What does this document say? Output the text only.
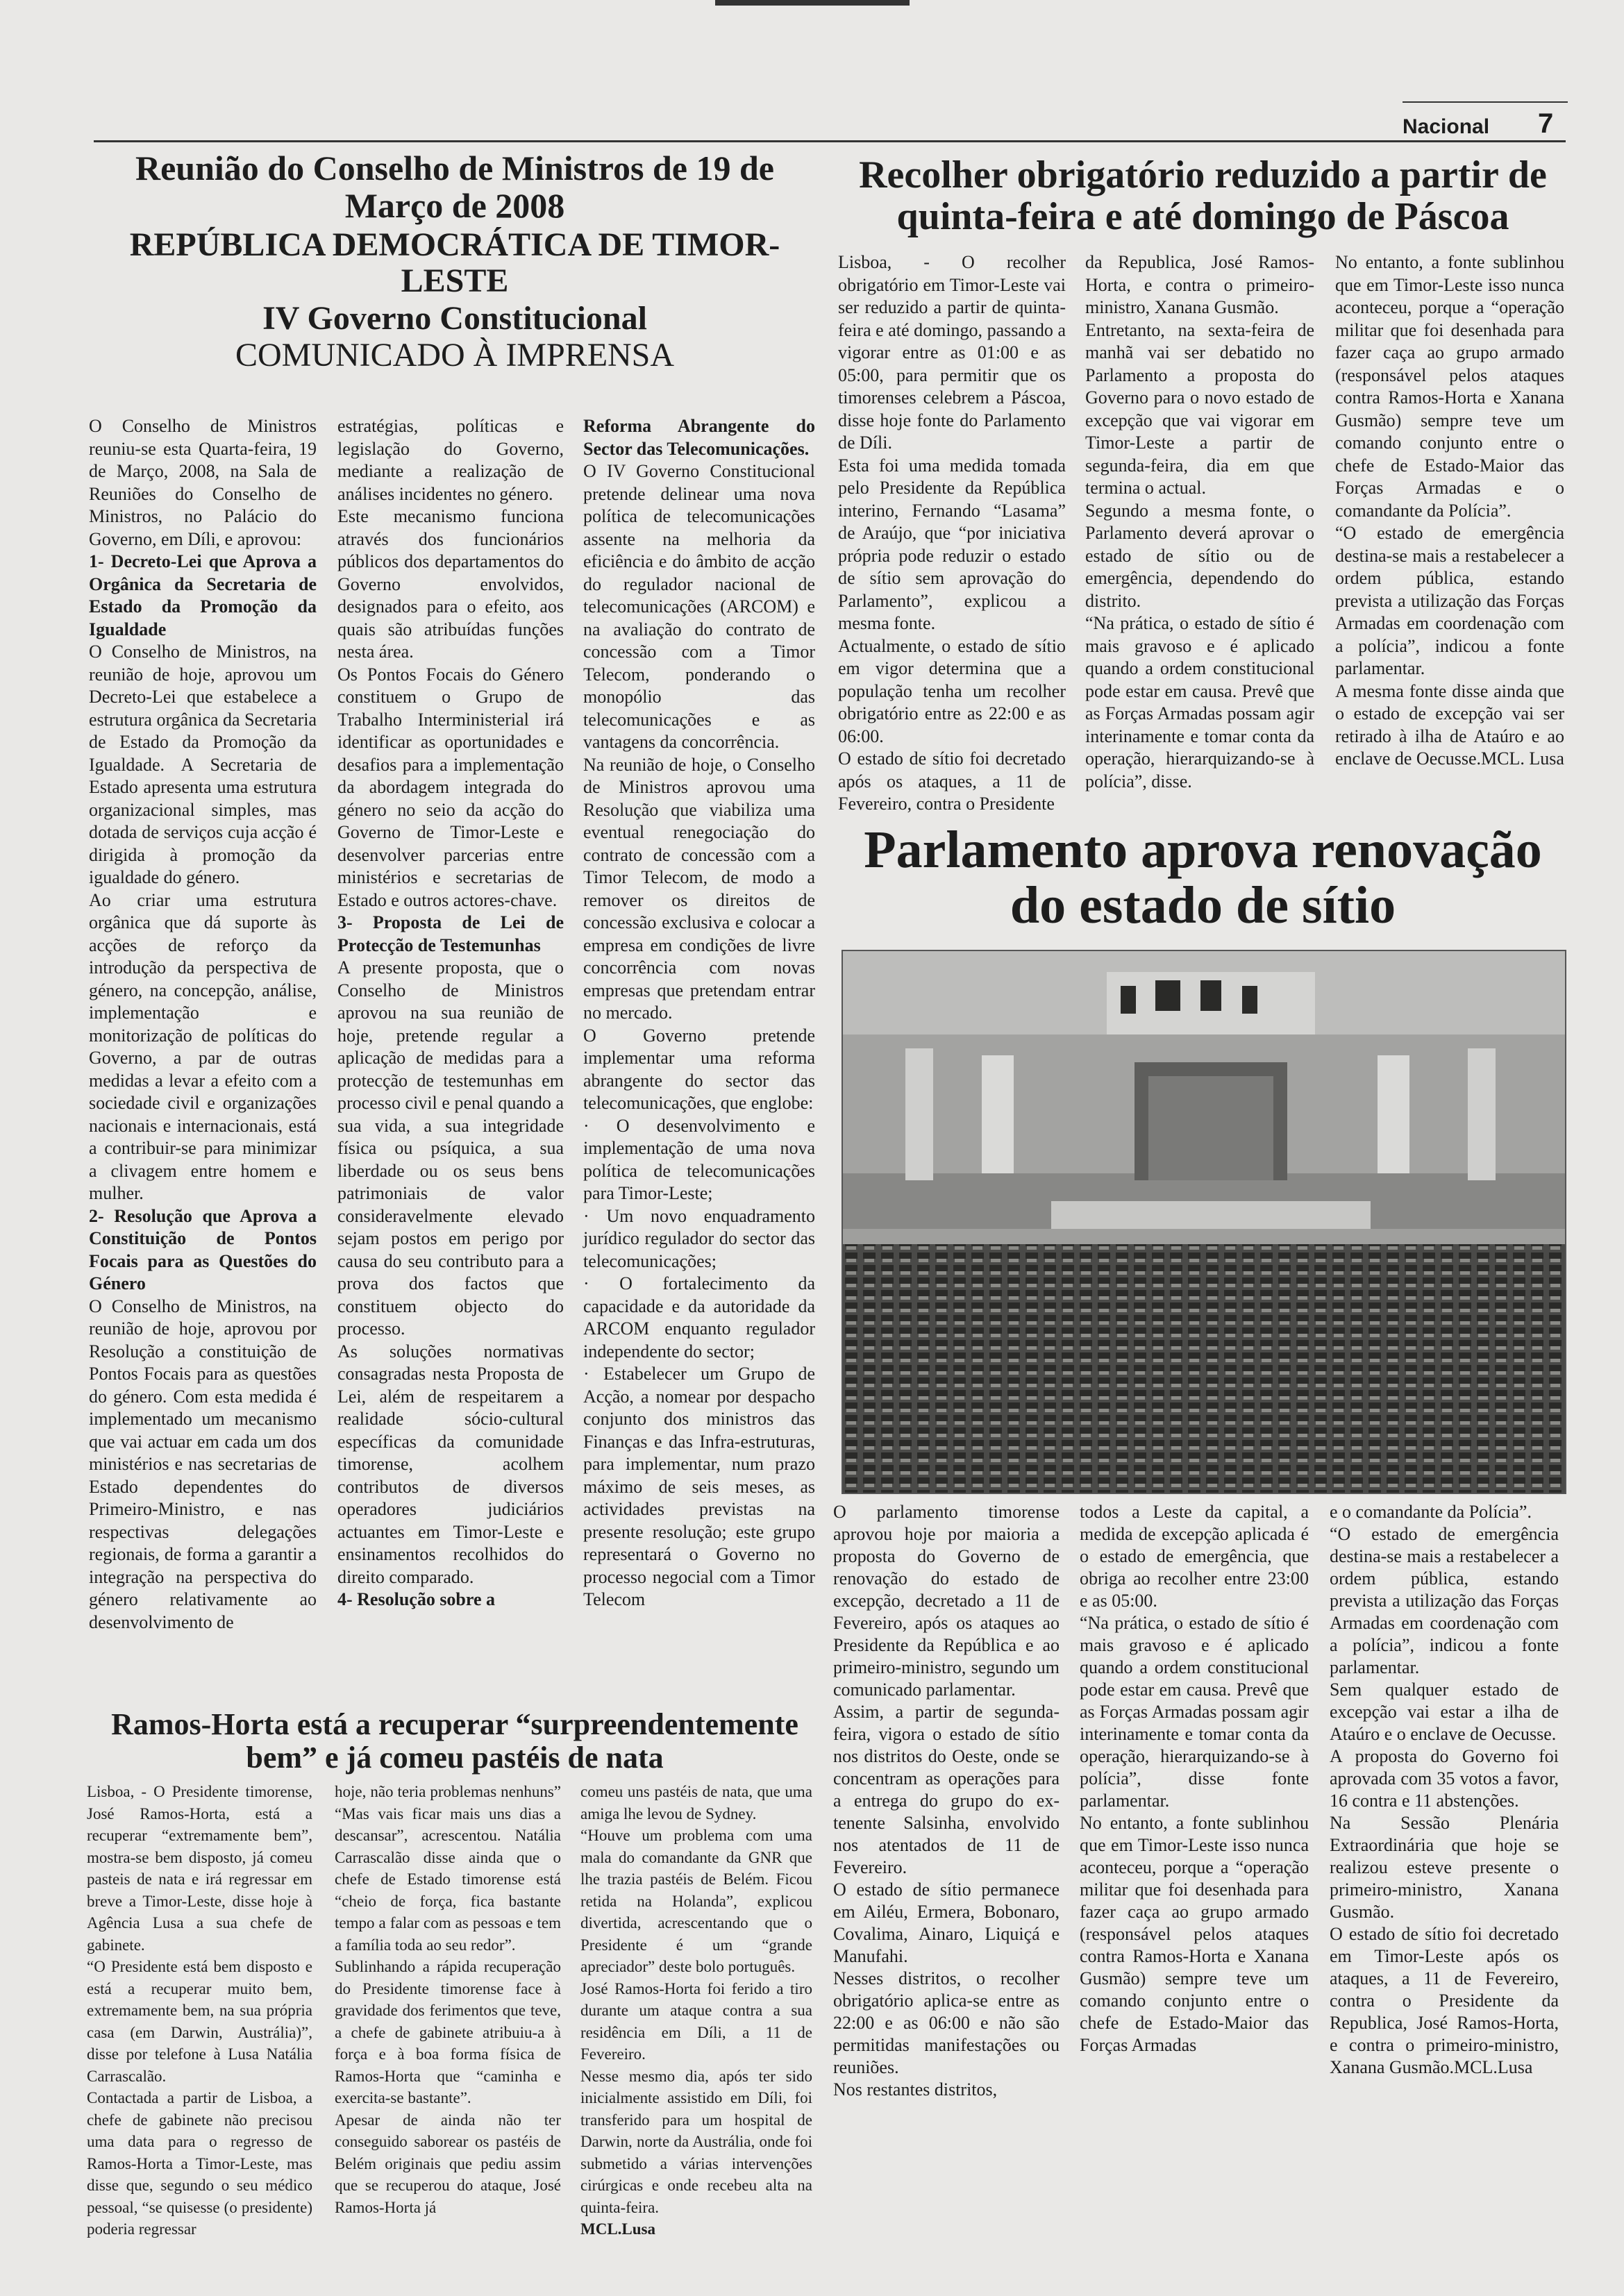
Nacional 7
Reunião do Conselho de Ministros de 19 de Março de 2008
REPÚBLICA DEMOCRÁTICA DE TIMOR-LESTE
IV Governo Constitucional
COMUNICADO À IMPRENSA

O Conselho de Ministros reuniu-se esta Quarta-feira, 19 de Março, 2008, na Sala de Reuniões do Conselho de Ministros, no Palácio do Governo, em Díli, e aprovou:

1- Decreto-Lei que Aprova a Orgânica da Secretaria de Estado da Promoção da Igualdade

O Conselho de Ministros, na reunião de hoje, aprovou um Decreto-Lei que estabelece a estrutura orgânica da Secretaria de Estado da Promoção da Igualdade. A Secretaria de Estado apresenta uma estrutura organizacional simples, mas dotada de serviços cuja acção é dirigida à promoção da igualdade do género.

Ao criar uma estrutura orgânica que dá suporte às acções de reforço da introdução da perspectiva de género, na concepção, análise, implementação e monitorização de políticas do Governo, a par de outras medidas a levar a efeito com a sociedade civil e organizações nacionais e internacionais, está a contribuir-se para minimizar a clivagem entre homem e mulher.

2- Resolução que Aprova a Constituição de Pontos Focais para as Questões do Género

O Conselho de Ministros, na reunião de hoje, aprovou por Resolução a constituição de Pontos Focais para as questões do género. Com esta medida é implementado um mecanismo que vai actuar em cada um dos ministérios e nas secretarias de Estado dependentes do Primeiro-Ministro, e nas respectivas delegações regionais, de forma a garantir a integração na perspectiva do género relativamente ao desenvolvimento de

estratégias, políticas e legislação do Governo, mediante a realização de análises incidentes no género.

Este mecanismo funciona através dos funcionários públicos dos departamentos do Governo envolvidos, designados para o efeito, aos quais são atribuídas funções nesta área.

Os Pontos Focais do Género constituem o Grupo de Trabalho Interministerial irá identificar as oportunidades e desafios para a implementação da abordagem integrada do género no seio da acção do Governo de Timor-Leste e desenvolver parcerias entre ministérios e secretarias de Estado e outros actores-chave.

3- Proposta de Lei de Protecção de Testemunhas

A presente proposta, que o Conselho de Ministros aprovou na sua reunião de hoje, pretende regular a aplicação de medidas para a protecção de testemunhas em processo civil e penal quando a sua vida, a sua integridade física ou psíquica, a sua liberdade ou os seus bens patrimoniais de valor consideravelmente elevado sejam postos em perigo por causa do seu contributo para a prova dos factos que constituem objecto do processo.

As soluções normativas consagradas nesta Proposta de Lei, além de respeitarem a realidade sócio-cultural específicas da comunidade timorense, acolhem contributos de diversos operadores judiciários actuantes em Timor-Leste e ensinamentos recolhidos do direito comparado.

4- Resolução sobre a

Reforma Abrangente do Sector das Telecomunicações.

O IV Governo Constitucional pretende delinear uma nova política de telecomunicações assente na melhoria da eficiência e do âmbito de acção do regulador nacional de telecomunicações (ARCOM) e na avaliação do contrato de concessão com a Timor Telecom, ponderando o monopólio das telecomunicações e as vantagens da concorrência.

Na reunião de hoje, o Conselho de Ministros aprovou uma Resolução que viabiliza uma eventual renegociação do contrato de concessão com a Timor Telecom, de modo a remover os direitos de concessão exclusiva e colocar a empresa em condições de livre concorrência com novas empresas que pretendam entrar no mercado.

O Governo pretende implementar uma reforma abrangente do sector das telecomunicações, que englobe:

· O desenvolvimento e implementação de uma nova política de telecomunicações para Timor-Leste;

· Um novo enquadramento jurídico regulador do sector das telecomunicações;

· O fortalecimento da capacidade e da autoridade da ARCOM enquanto regulador independente do sector;

· Estabelecer um Grupo de Acção, a nomear por despacho conjunto dos ministros das Finanças e das Infra-estruturas, para implementar, num prazo máximo de seis meses, as actividades previstas na presente resolução; este grupo representará o Governo no processo negocial com a Timor Telecom

Ramos-Horta está a recuperar “surpreendentemente bem” e já comeu pastéis de nata

Lisboa, - O Presidente timorense, José Ramos-Horta, está a recuperar “extremamente bem”, mostra-se bem disposto, já comeu pasteis de nata e irá regressar em breve a Timor-Leste, disse hoje à Agência Lusa a sua chefe de gabinete.

“O Presidente está bem disposto e está a recuperar muito bem, extremamente bem, na sua própria casa (em Darwin, Austrália)”, disse por telefone à Lusa Natália Carrascalão.

Contactada a partir de Lisboa, a chefe de gabinete não precisou uma data para o regresso de Ramos-Horta a Timor-Leste, mas disse que, segundo o seu médico pessoal, “se quisesse (o presidente) poderia regressar

hoje, não teria problemas nenhuns” “Mas vais ficar mais uns dias a descansar”, acrescentou. Natália Carrascalão disse ainda que o chefe de Estado timorense está “cheio de força, fica bastante tempo a falar com as pessoas e tem a família toda ao seu redor”.

Sublinhando a rápida recuperação do Presidente timorense face à gravidade dos ferimentos que teve, a chefe de gabinete atribuiu-a à força e à boa forma física de Ramos-Horta que “caminha e exercita-se bastante”.

Apesar de ainda não ter conseguido saborear os pastéis de Belém originais que pediu assim que se recuperou do ataque, José Ramos-Horta já

comeu uns pastéis de nata, que uma amiga lhe levou de Sydney.

“Houve um problema com uma mala do comandante da GNR que lhe trazia pastéis de Belém. Ficou retida na Holanda”, explicou divertida, acrescentando que o Presidente é um “grande apreciador” deste bolo português.

José Ramos-Horta foi ferido a tiro durante um ataque contra a sua residência em Díli, a 11 de Fevereiro.

Nesse mesmo dia, após ter sido inicialmente assistido em Díli, foi transferido para um hospital de Darwin, norte da Austrália, onde foi submetido a várias intervenções cirúrgicas e onde recebeu alta na quinta-feira.

MCL.Lusa

Recolher obrigatório reduzido a partir de quinta-feira e até domingo de Páscoa

Lisboa, - O recolher obrigatório em Timor-Leste vai ser reduzido a partir de quinta-feira e até domingo, passando a vigorar entre as 01:00 e as 05:00, para permitir que os timorenses celebrem a Páscoa, disse hoje fonte do Parlamento de Díli.

Esta foi uma medida tomada pelo Presidente da República interino, Fernando “Lasama” de Araújo, que “por iniciativa própria pode reduzir o estado de sítio sem aprovação do Parlamento”, explicou a mesma fonte.

Actualmente, o estado de sítio em vigor determina que a população tenha um recolher obrigatório entre as 22:00 e as 06:00.

O estado de sítio foi decretado após os ataques, a 11 de Fevereiro, contra o Presidente

da Republica, José Ramos-Horta, e contra o primeiro-ministro, Xanana Gusmão.

Entretanto, na sexta-feira de manhã vai ser debatido no Parlamento a proposta do Governo para o novo estado de excepção que vai vigorar em Timor-Leste a partir de segunda-feira, dia em que termina o actual.

Segundo a mesma fonte, o Parlamento deverá aprovar o estado de sítio ou de emergência, dependendo do distrito.

“Na prática, o estado de sítio é mais gravoso e é aplicado quando a ordem constitucional pode estar em causa. Prevê que as Forças Armadas possam agir interinamente e tomar conta da operação, hierarquizando-se à polícia”, disse.

No entanto, a fonte sublinhou que em Timor-Leste isso nunca aconteceu, porque a “operação militar que foi desenhada para fazer caça ao grupo armado (responsável pelos ataques contra Ramos-Horta e Xanana Gusmão) sempre teve um comando conjunto entre o chefe de Estado-Maior das Forças Armadas e o comandante da Polícia”.

“O estado de emergência destina-se mais a restabelecer a ordem pública, estando prevista a utilização das Forças Armadas em coordenação com a polícia”, indicou a fonte parlamentar.

A mesma fonte disse ainda que o estado de excepção vai ser retirado à ilha de Ataúro e ao enclave de Oecusse.MCL. Lusa

Parlamento aprova renovação do estado de sítio

O parlamento timorense aprovou hoje por maioria a proposta do Governo de renovação do estado de excepção, decretado a 11 de Fevereiro, após os ataques ao Presidente da República e ao primeiro-ministro, segundo um comunicado parlamentar.

Assim, a partir de segunda-feira, vigora o estado de sítio nos distritos do Oeste, onde se concentram as operações para a entrega do grupo do ex-tenente Salsinha, envolvido nos atentados de 11 de Fevereiro.

O estado de sítio permanece em Ailéu, Ermera, Bobonaro, Covalima, Ainaro, Liquiçá e Manufahi.

Nesses distritos, o recolher obrigatório aplica-se entre as 22:00 e as 06:00 e não são permitidas manifestações ou reuniões.

Nos restantes distritos,

todos a Leste da capital, a medida de excepção aplicada é o estado de emergência, que obriga ao recolher entre 23:00 e as 05:00.

“Na prática, o estado de sítio é mais gravoso e é aplicado quando a ordem constitucional pode estar em causa. Prevê que as Forças Armadas possam agir interinamente e tomar conta da operação, hierarquizando-se à polícia”, disse fonte parlamentar.

No entanto, a fonte sublinhou que em Timor-Leste isso nunca aconteceu, porque a “operação militar que foi desenhada para fazer caça ao grupo armado (responsável pelos ataques contra Ramos-Horta e Xanana Gusmão) sempre teve um comando conjunto entre o chefe de Estado-Maior das Forças Armadas

e o comandante da Polícia”.

“O estado de emergência destina-se mais a restabelecer a ordem pública, estando prevista a utilização das Forças Armadas em coordenação com a polícia”, indicou a fonte parlamentar.

Sem qualquer estado de excepção vai estar a ilha de Ataúro e o enclave de Oecusse.

A proposta do Governo foi aprovada com 35 votos a favor, 16 contra e 11 abstenções.

Na Sessão Plenária Extraordinária que hoje se realizou esteve presente o primeiro-ministro, Xanana Gusmão.

O estado de sítio foi decretado em Timor-Leste após os ataques, a 11 de Fevereiro, contra o Presidente da Republica, José Ramos-Horta, e contra o primeiro-ministro, Xanana Gusmão.MCL.Lusa
